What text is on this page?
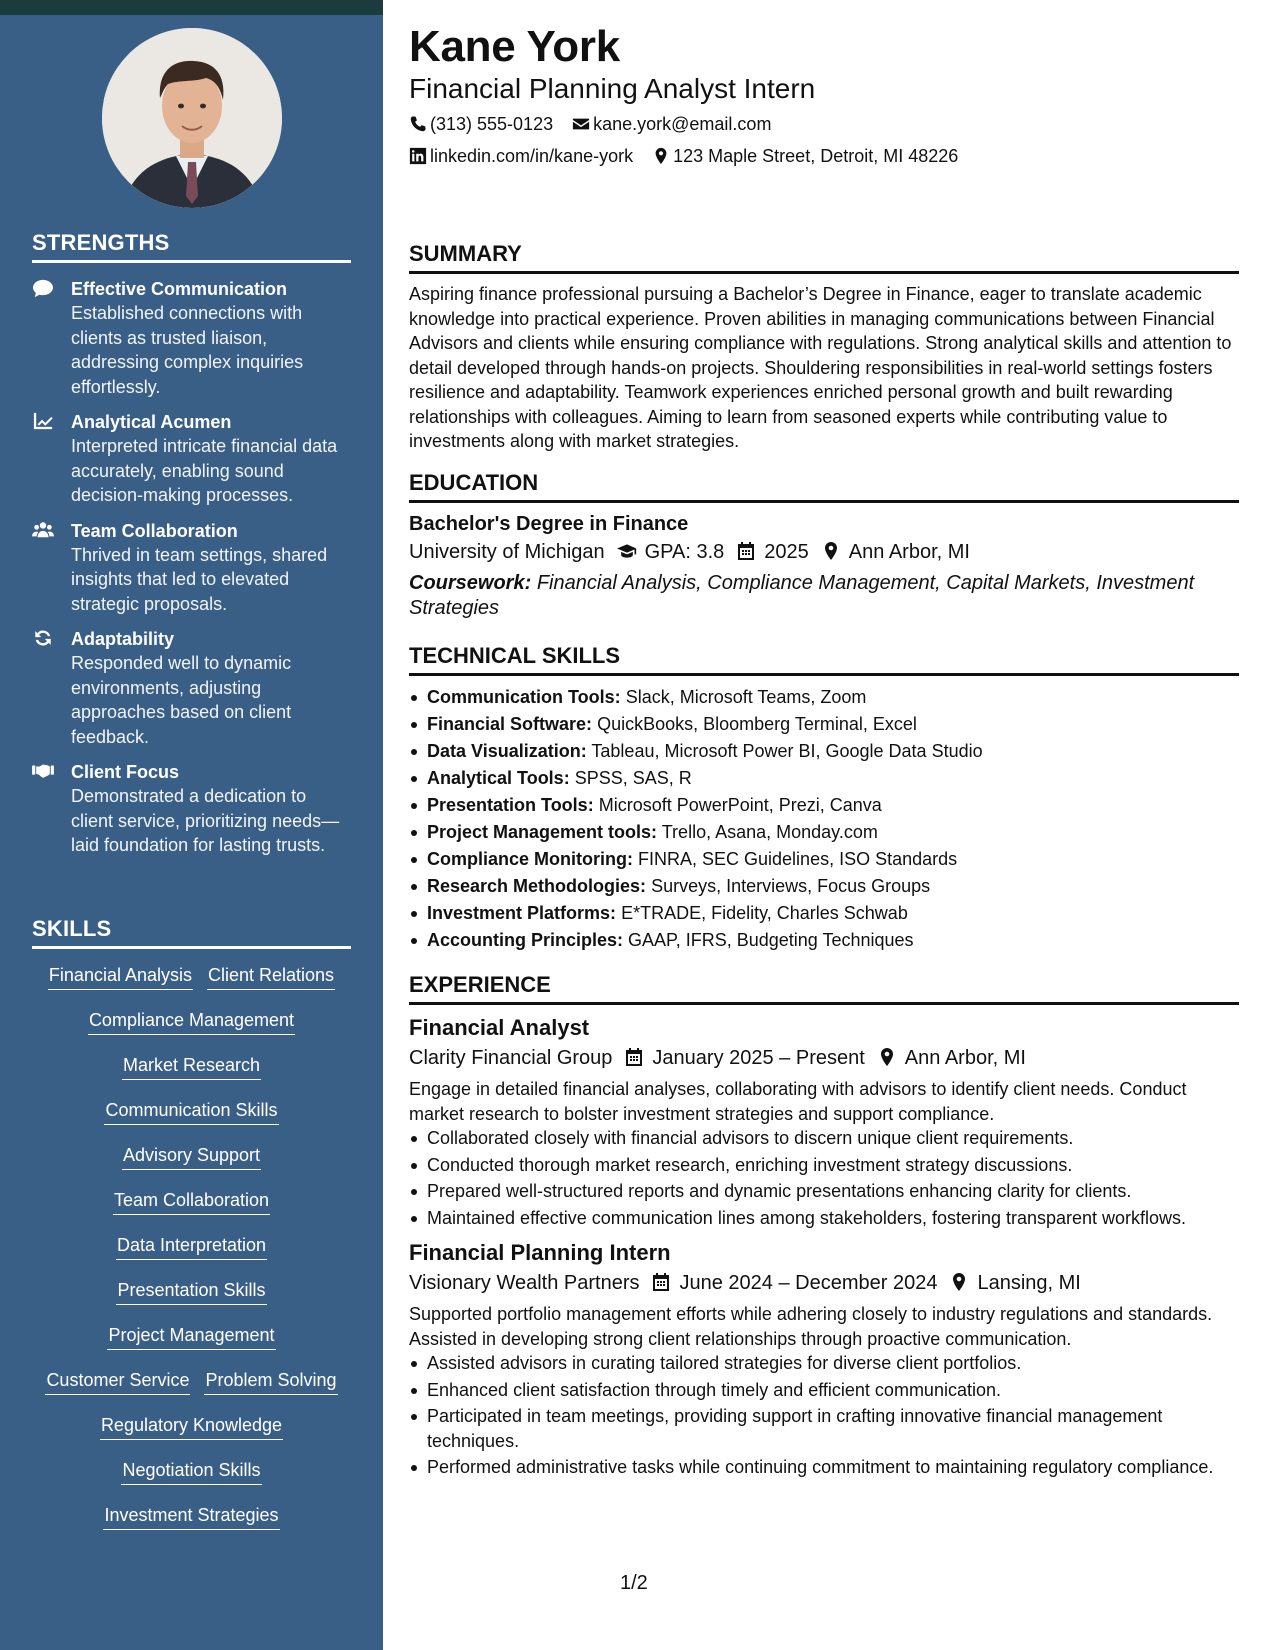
STRENGTHS
Effective Communication
Established connections with clients as trusted liaison, addressing complex inquiries effortlessly.
Analytical Acumen
Interpreted intricate financial data accurately, enabling sound decision-making processes.
Team Collaboration
Thrived in team settings, shared insights that led to elevated strategic proposals.
Adaptability
Responded well to dynamic environments, adjusting approaches based on client feedback.
Client Focus
Demonstrated a dedication to client service, prioritizing needs—laid foundation for lasting trusts.
SKILLS
Financial Analysis Client Relations
Compliance Management
Market Research
Communication Skills
Advisory Support
Team Collaboration
Data Interpretation
Presentation Skills
Project Management
Customer Service Problem Solving
Regulatory Knowledge
Negotiation Skills
Investment Strategies
Kane York
Financial Planning Analyst Intern
(313) 555-0123 kane.york@email.com
linkedin.com/in/kane-york 123 Maple Street, Detroit, MI 48226
SUMMARY
Aspiring finance professional pursuing a Bachelor’s Degree in Finance, eager to translate academic knowledge into practical experience. Proven abilities in managing communications between Financial Advisors and clients while ensuring compliance with regulations. Strong analytical skills and attention to detail developed through hands-on projects. Shouldering responsibilities in real-world settings fosters resilience and adaptability. Teamwork experiences enriched personal growth and built rewarding relationships with colleagues. Aiming to learn from seasoned experts while contributing value to investments along with market strategies.
EDUCATION
Bachelor's Degree in Finance
University of Michigan GPA: 3.8 2025 Ann Arbor, MI
Coursework: Financial Analysis, Compliance Management, Capital Markets, Investment Strategies
TECHNICAL SKILLS
Communication Tools: Slack, Microsoft Teams, Zoom
Financial Software: QuickBooks, Bloomberg Terminal, Excel
Data Visualization: Tableau, Microsoft Power BI, Google Data Studio
Analytical Tools: SPSS, SAS, R
Presentation Tools: Microsoft PowerPoint, Prezi, Canva
Project Management tools: Trello, Asana, Monday.com
Compliance Monitoring: FINRA, SEC Guidelines, ISO Standards
Research Methodologies: Surveys, Interviews, Focus Groups
Investment Platforms: E*TRADE, Fidelity, Charles Schwab
Accounting Principles: GAAP, IFRS, Budgeting Techniques
EXPERIENCE
Financial Analyst
Clarity Financial Group January 2025 – Present Ann Arbor, MI
Engage in detailed financial analyses, collaborating with advisors to identify client needs. Conduct market research to bolster investment strategies and support compliance.
Collaborated closely with financial advisors to discern unique client requirements.
Conducted thorough market research, enriching investment strategy discussions.
Prepared well-structured reports and dynamic presentations enhancing clarity for clients.
Maintained effective communication lines among stakeholders, fostering transparent workflows.
Financial Planning Intern
Visionary Wealth Partners June 2024 – December 2024 Lansing, MI
Supported portfolio management efforts while adhering closely to industry regulations and standards. Assisted in developing strong client relationships through proactive communication.
Assisted advisors in curating tailored strategies for diverse client portfolios.
Enhanced client satisfaction through timely and efficient communication.
Participated in team meetings, providing support in crafting innovative financial management techniques.
Performed administrative tasks while continuing commitment to maintaining regulatory compliance.
1/2
